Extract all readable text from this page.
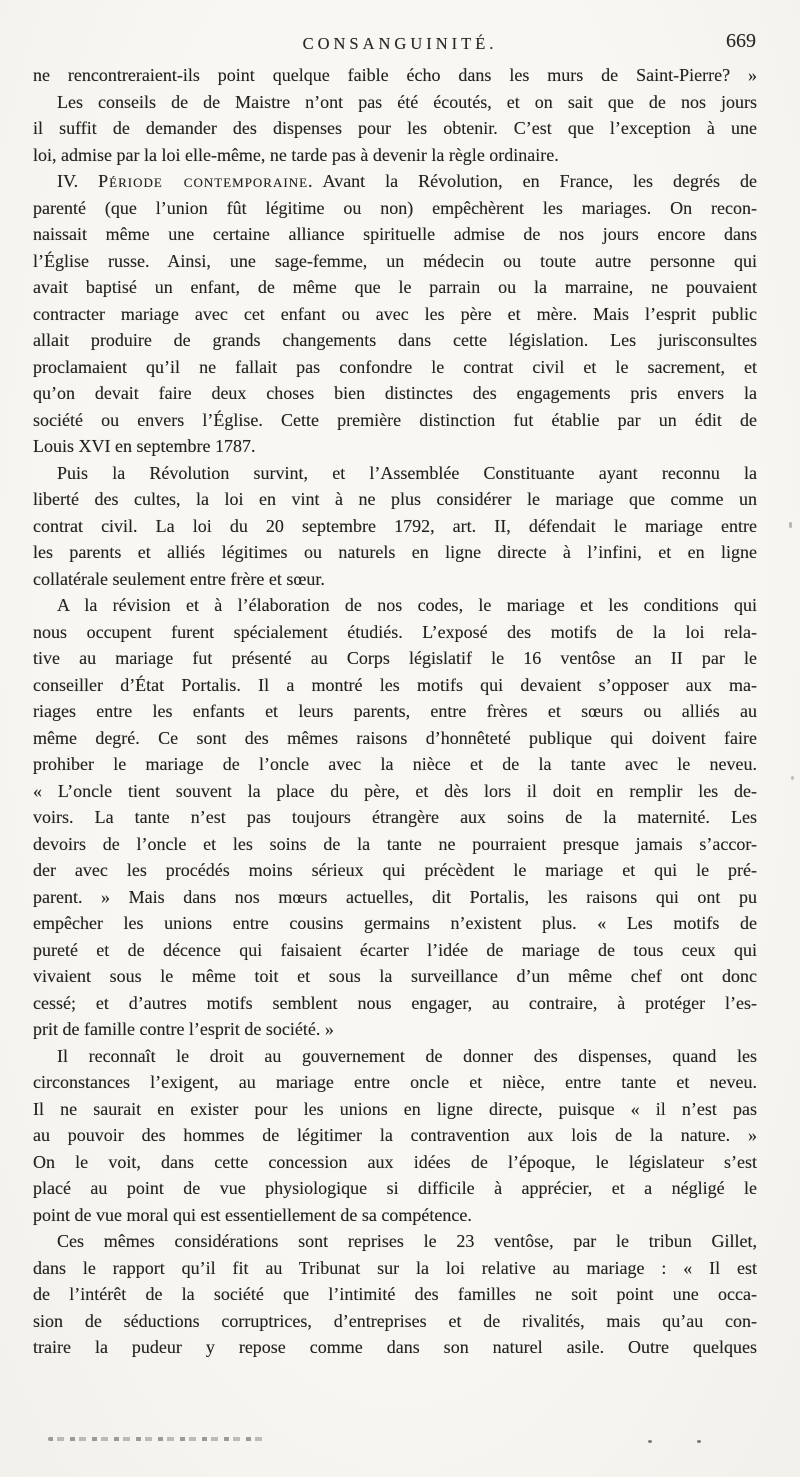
CONSANGUINITÉ.	669
ne rencontreraient-ils point quelque faible écho dans les murs de Saint-Pierre? »
Les conseils de de Maistre n’ont pas été écoutés, et on sait que de nos jours
il suffit de demander des dispenses pour les obtenir. C’est que l’exception à une
loi, admise par la loi elle-même, ne tarde pas à devenir la règle ordinaire.
IV. Période contemporaine. Avant la Révolution, en France, les degrés de
parenté (que l’union fût légitime ou non) empêchèrent les mariages. On recon-
naissait même une certaine alliance spirituelle admise de nos jours encore dans
l’Église russe. Ainsi, une sage-femme, un médecin ou toute autre personne qui
avait baptisé un enfant, de même que le parrain ou la marraine, ne pouvaient
contracter mariage avec cet enfant ou avec les père et mère. Mais l’esprit public
allait produire de grands changements dans cette législation. Les jurisconsultes
proclamaient qu’il ne fallait pas confondre le contrat civil et le sacrement, et
qu’on devait faire deux choses bien distinctes des engagements pris envers la
société ou envers l’Église. Cette première distinction fut établie par un édit de
Louis XVI en septembre 1787.
Puis la Révolution survint, et l’Assemblée Constituante ayant reconnu la
liberté des cultes, la loi en vint à ne plus considérer le mariage que comme un
contrat civil. La loi du 20 septembre 1792, art. II, défendait le mariage entre
les parents et alliés légitimes ou naturels en ligne directe à l’infini, et en ligne
collatérale seulement entre frère et sœur.
A la révision et à l’élaboration de nos codes, le mariage et les conditions qui
nous occupent furent spécialement étudiés. L’exposé des motifs de la loi rela-
tive au mariage fut présenté au Corps législatif le 16 ventôse an II par le
conseiller d’État Portalis. Il a montré les motifs qui devaient s’opposer aux ma-
riages entre les enfants et leurs parents, entre frères et sœurs ou alliés au
même degré. Ce sont des mêmes raisons d’honnêteté publique qui doivent faire
prohiber le mariage de l’oncle avec la nièce et de la tante avec le neveu.
« L’oncle tient souvent la place du père, et dès lors il doit en remplir les de-
voirs. La tante n’est pas toujours étrangère aux soins de la maternité. Les
devoirs de l’oncle et les soins de la tante ne pourraient presque jamais s’accor-
der avec les procédés moins sérieux qui précèdent le mariage et qui le pré-
parent. » Mais dans nos mœurs actuelles, dit Portalis, les raisons qui ont pu
empêcher les unions entre cousins germains n’existent plus. « Les motifs de
pureté et de décence qui faisaient écarter l’idée de mariage de tous ceux qui
vivaient sous le même toit et sous la surveillance d’un même chef ont donc
cessé; et d’autres motifs semblent nous engager, au contraire, à protéger l’es-
prit de famille contre l’esprit de société. »
Il reconnaît le droit au gouvernement de donner des dispenses, quand les
circonstances l’exigent, au mariage entre oncle et nièce, entre tante et neveu.
Il ne saurait en exister pour les unions en ligne directe, puisque « il n’est pas
au pouvoir des hommes de légitimer la contravention aux lois de la nature. »
On le voit, dans cette concession aux idées de l’époque, le législateur s’est
placé au point de vue physiologique si difficile à apprécier, et a négligé le
point de vue moral qui est essentiellement de sa compétence.
Ces mêmes considérations sont reprises le 23 ventôse, par le tribun Gillet,
dans le rapport qu’il fit au Tribunat sur la loi relative au mariage : « Il est
de l’intérêt de la société que l’intimité des familles ne soit point une occa-
sion de séductions corruptrices, d’entreprises et de rivalités, mais qu’au con-
traire la pudeur y repose comme dans son naturel asile. Outre quelques
